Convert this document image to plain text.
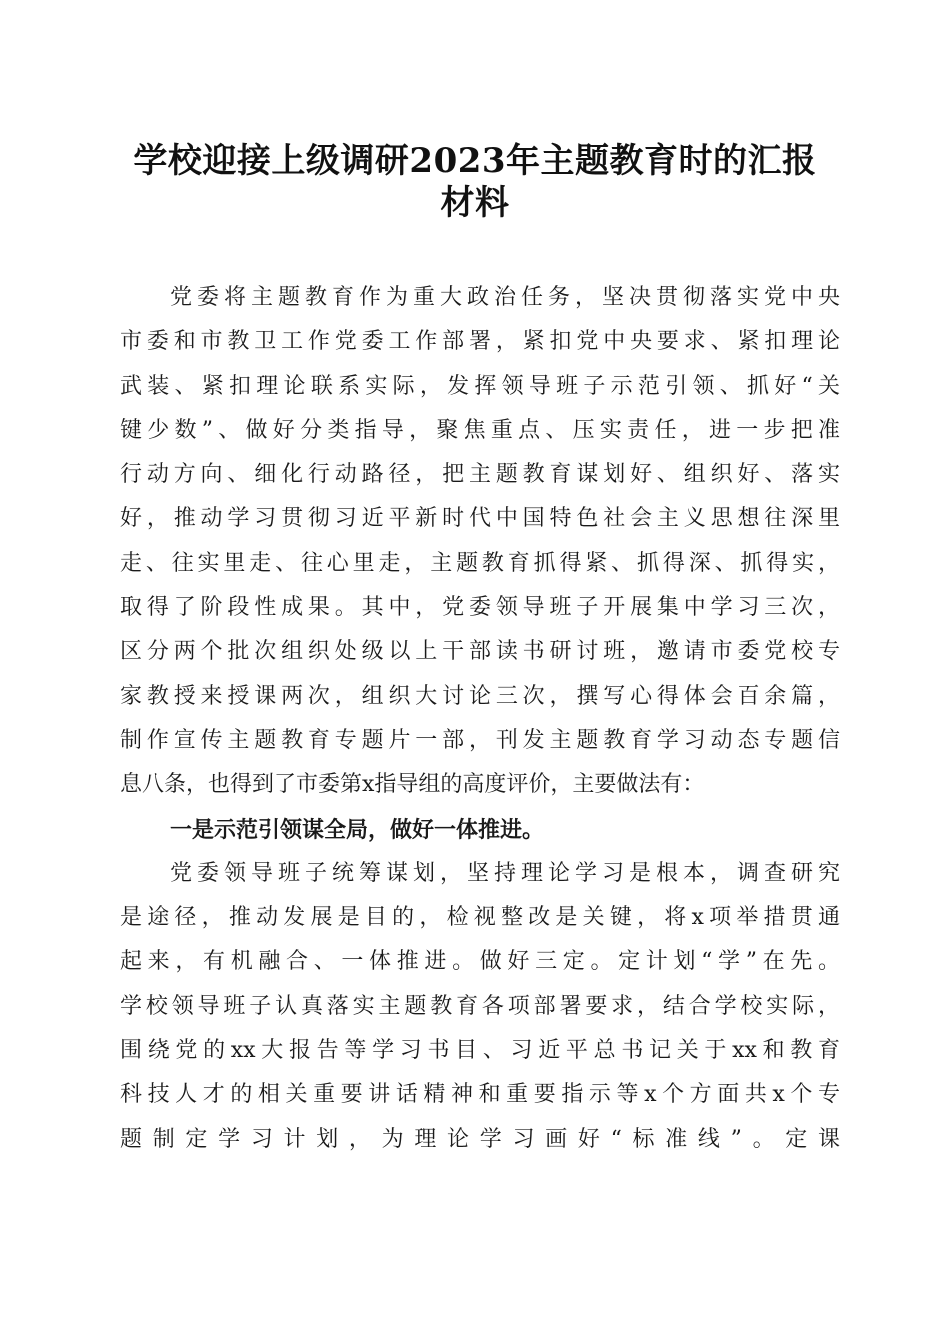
学校迎接上级调研2023年主题教育时的汇报
材料
党委将主题教育作为重大政治任务，坚决贯彻落实党中央
市委和市教卫工作党委工作部署，紧扣党中央要求、紧扣理论
武装、紧扣理论联系实际，发挥领导班子示范引领、抓好“关
键少数”、做好分类指导，聚焦重点、压实责任，进一步把准
行动方向、细化行动路径，把主题教育谋划好、组织好、落实
好，推动学习贯彻习近平新时代中国特色社会主义思想往深里
走、往实里走、往心里走，主题教育抓得紧、抓得深、抓得实，
取得了阶段性成果。其中，党委领导班子开展集中学习三次，
区分两个批次组织处级以上干部读书研讨班，邀请市委党校专
家教授来授课两次，组织大讨论三次，撰写心得体会百余篇，
制作宣传主题教育专题片一部，刊发主题教育学习动态专题信
息八条，也得到了市委第x指导组的高度评价，主要做法有：
一是示范引领谋全局，做好一体推进。
党委领导班子统筹谋划，坚持理论学习是根本，调查研究
是途径，推动发展是目的，检视整改是关键，将x项举措贯通
起来，有机融合、一体推进。做好三定。定计划“学”在先。
学校领导班子认真落实主题教育各项部署要求，结合学校实际，
围绕党的xx大报告等学习书目、习近平总书记关于xx和教育
科技人才的相关重要讲话精神和重要指示等x个方面共x个专
题制定学习计划，为理论学习画好“标准线”。定课
